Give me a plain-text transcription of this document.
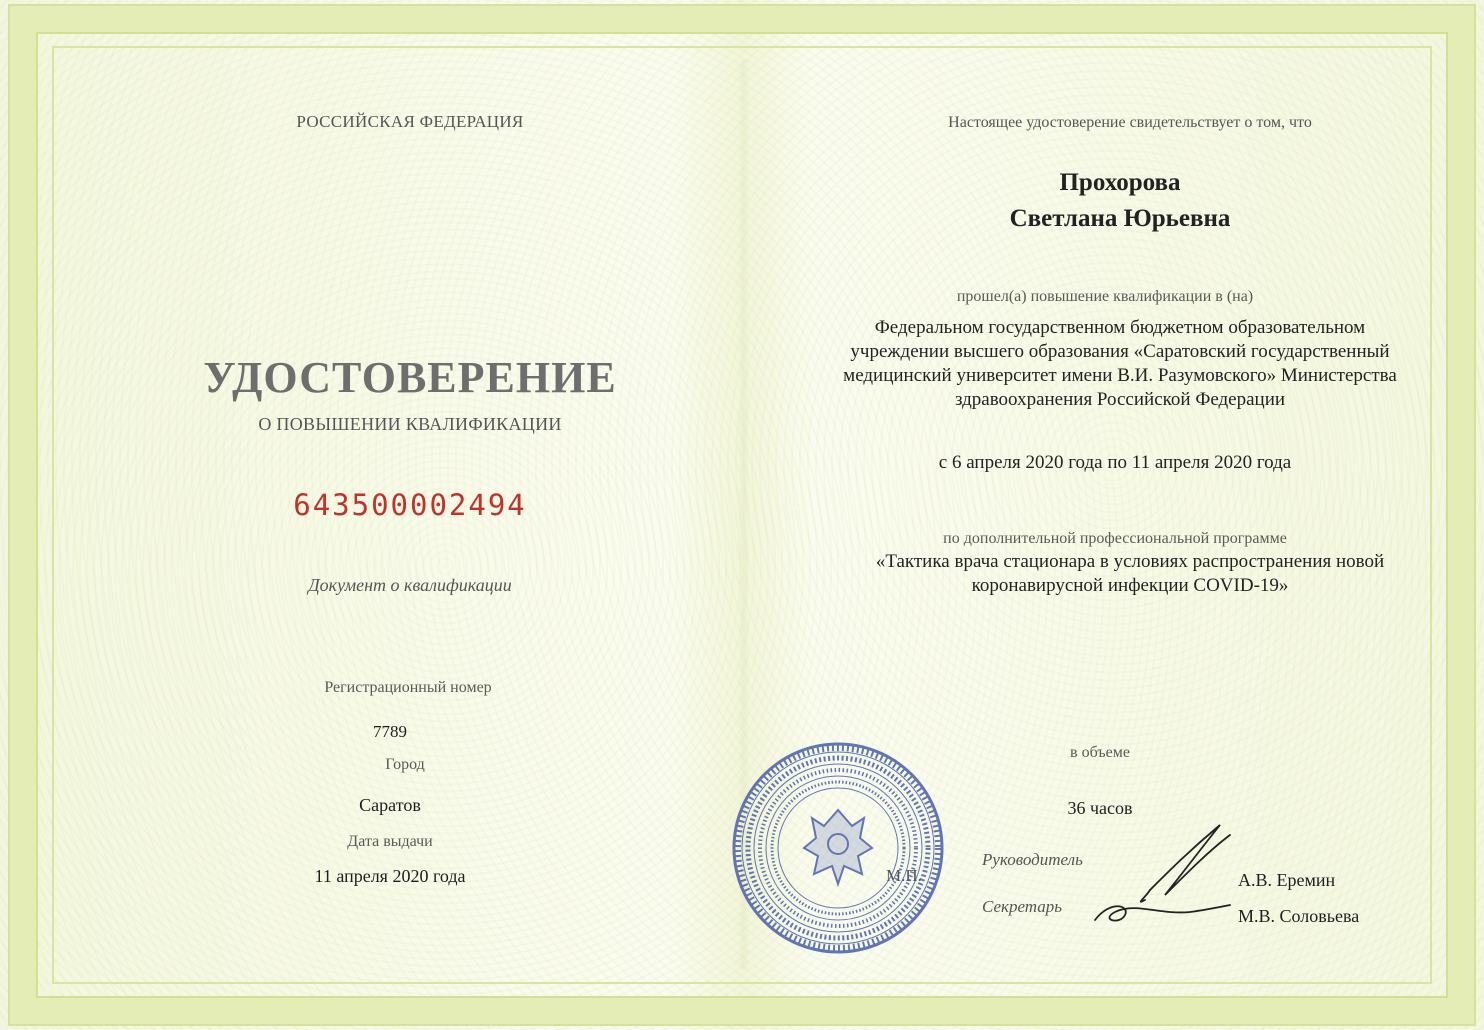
РОССИЙСКАЯ ФЕДЕРАЦИЯ
УДОСТОВЕРЕНИЕ
О ПОВЫШЕНИИ КВАЛИФИКАЦИИ
643500002494
Документ о квалификации
Регистрационный номер
7789
Город
Саратов
Дата выдачи
11 апреля 2020 года
Настоящее удостоверение свидетельствует о том, что
Прохорова
Светлана Юрьевна
прошел(а) повышение квалификации в (на)
Федеральном государственном бюджетном образовательном
учреждении высшего образования «Саратовский государственный
медицинский университет имени В.И. Разумовского» Министерства
здравоохранения Российской Федерации
с 6 апреля 2020 года по 11 апреля 2020 года
по дополнительной профессиональной программе
«Тактика врача стационара в условиях распространения новой
коронавирусной инфекции COVID-19»
в объеме
36 часов
Руководитель
Секретарь
А.В. Еремин
М.В. Соловьева
М.П.
